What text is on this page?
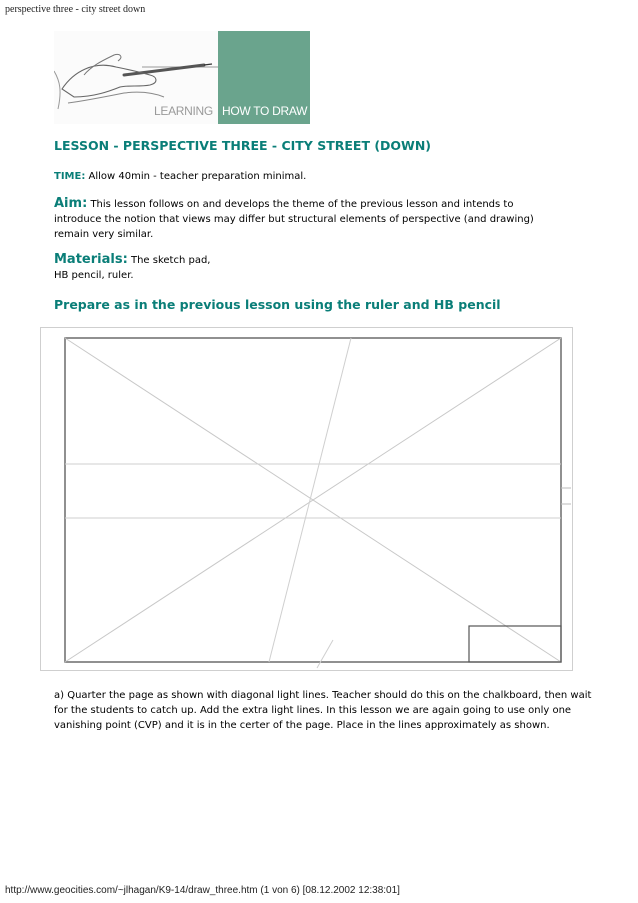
perspective three - city street down
LEARNING HOW TO DRAW
LESSON - PERSPECTIVE THREE - CITY STREET (DOWN)
TIME: Allow 40min - teacher preparation minimal.
Aim: This lesson follows on and develops the theme of the previous lesson and intends to introduce the notion that views may differ but structural elements of perspective (and drawing) remain very similar.
Materials: The sketch pad,
HB pencil, ruler.
Prepare as in the previous lesson using the ruler and HB pencil
a) Quarter the page as shown with diagonal light lines. Teacher should do this on the chalkboard, then wait for the students to catch up. Add the extra light lines. In this lesson we are again going to use only one vanishing point (CVP) and it is in the certer of the page. Place in the lines approximately as shown.
http://www.geocities.com/~jlhagan/K9-14/draw_three.htm (1 von 6) [08.12.2002 12:38:01]
